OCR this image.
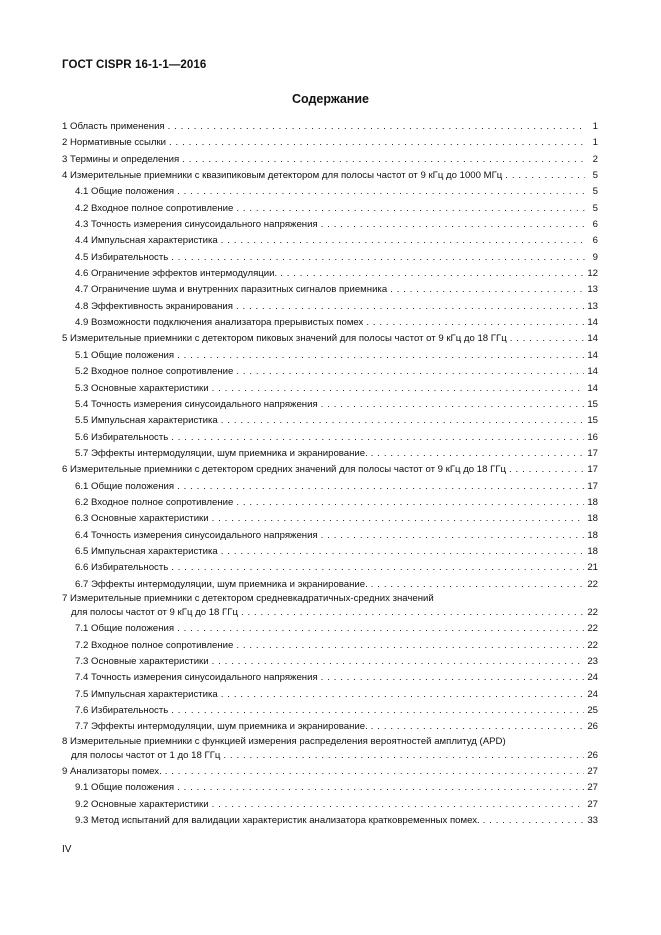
ГОСТ CISPR 16-1-1—2016
Содержание
1 Область применения . . .	1
2 Нормативные ссылки . . .	1
3 Термины и определения . . .	2
4 Измерительные приемники с квазипиковым детектором для полосы частот от 9 кГц до 1000 МГц . . .	5
4.1 Общие положения . . .	5
4.2 Входное полное сопротивление . . .	5
4.3 Точность измерения синусоидального напряжения . . .	6
4.4 Импульсная характеристика . . .	6
4.5 Избирательность . . .	9
4.6 Ограничение эффектов интермодуляции. . . .	12
4.7 Ограничение шума и внутренних паразитных сигналов приемника . . .	13
4.8 Эффективность экранирования . . .	13
4.9 Возможности подключения анализатора прерывистых помех . . .	14
5 Измерительные приемники с детектором пиковых значений для полосы частот от 9 кГц до 18 ГГц . . .	14
5.1 Общие положения . . .	14
5.2 Входное полное сопротивление . . .	14
5.3 Основные характеристики . . .	14
5.4 Точность измерения синусоидального напряжения . . .	15
5.5 Импульсная характеристика . . .	15
5.6 Избирательность . . .	16
5.7 Эффекты интермодуляции, шум приемника и экранирование. . . .	17
6 Измерительные приемники с детектором средних значений для полосы частот от 9 кГц до 18 ГГц . . .	17
6.1 Общие положения . . .	17
6.2 Входное полное сопротивление . . .	18
6.3 Основные характеристики . . .	18
6.4 Точность измерения синусоидального напряжения . . .	18
6.5 Импульсная характеристика . . .	18
6.6 Избирательность . . .	21
6.7 Эффекты интермодуляции, шум приемника и экранирование. . . .	22
7 Измерительные приемники с детектором средневкадратичных-средних значений
для полосы частот от 9 кГц до 18 ГГц . . .	22
7.1 Общие положения . . .	22
7.2 Входное полное сопротивление . . .	22
7.3 Основные характеристики . . .	23
7.4 Точность измерения синусоидального напряжения . . .	24
7.5 Импульсная характеристика . . .	24
7.6 Избирательность . . .	25
7.7 Эффекты интермодуляции, шум приемника и экранирование. . . .	26
8 Измерительные приемники с функцией измерения распределения вероятностей амплитуд (APD)
для полосы частот от 1 до 18 ГГц . . .	26
9 Анализаторы помех. . . .	27
9.1 Общие положения . . .	27
9.2 Основные характеристики . . .	27
9.3 Метод испытаний для валидации характеристик анализатора кратковременных помех. . . .	33
IV
